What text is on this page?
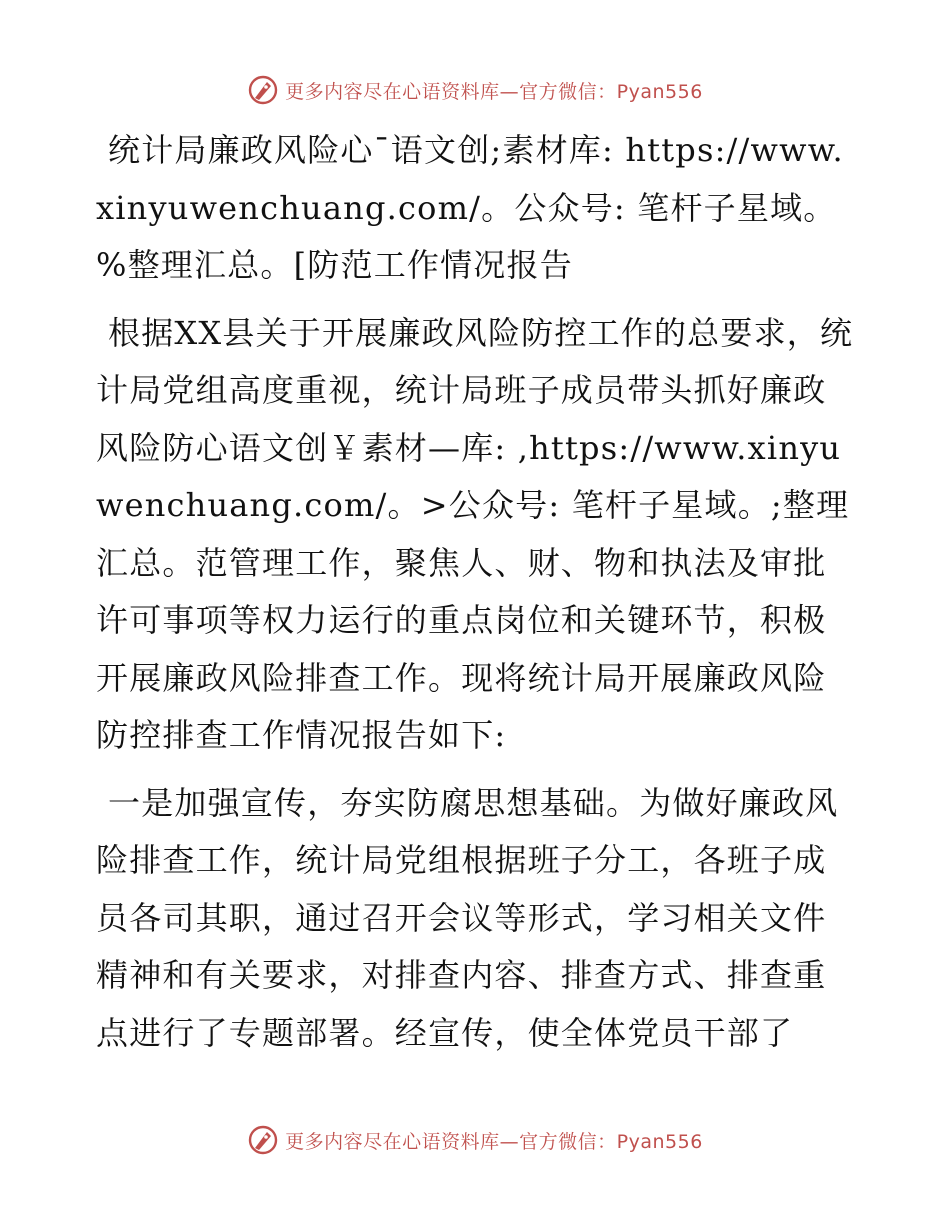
更多内容尽在心语资料库—官方微信：Pyan556

统计局廉政风险心¯语文创;素材库: https://www.xinyuwenchuang.com/。公众号: 笔杆子星域。%整理汇总。[防范工作情况报告

根据XX县关于开展廉政风险防控工作的总要求，统计局党组高度重视，统计局班子成员带头抓好廉政风险防心语文创￥素材—库: ,https://www.xinyuwenchuang.com/。>公众号: 笔杆子星域。;整理汇总。范管理工作，聚焦人、财、物和执法及审批许可事项等权力运行的重点岗位和关键环节，积极开展廉政风险排查工作。现将统计局开展廉政风险防控排查工作情况报告如下:

一是加强宣传，夯实防腐思想基础。为做好廉政风险排查工作，统计局党组根据班子分工，各班子成员各司其职，通过召开会议等形式，学习相关文件精神和有关要求，对排查内容、排查方式、排查重点进行了专题部署。经宣传，使全体党员干部了

更多内容尽在心语资料库—官方微信：Pyan556
